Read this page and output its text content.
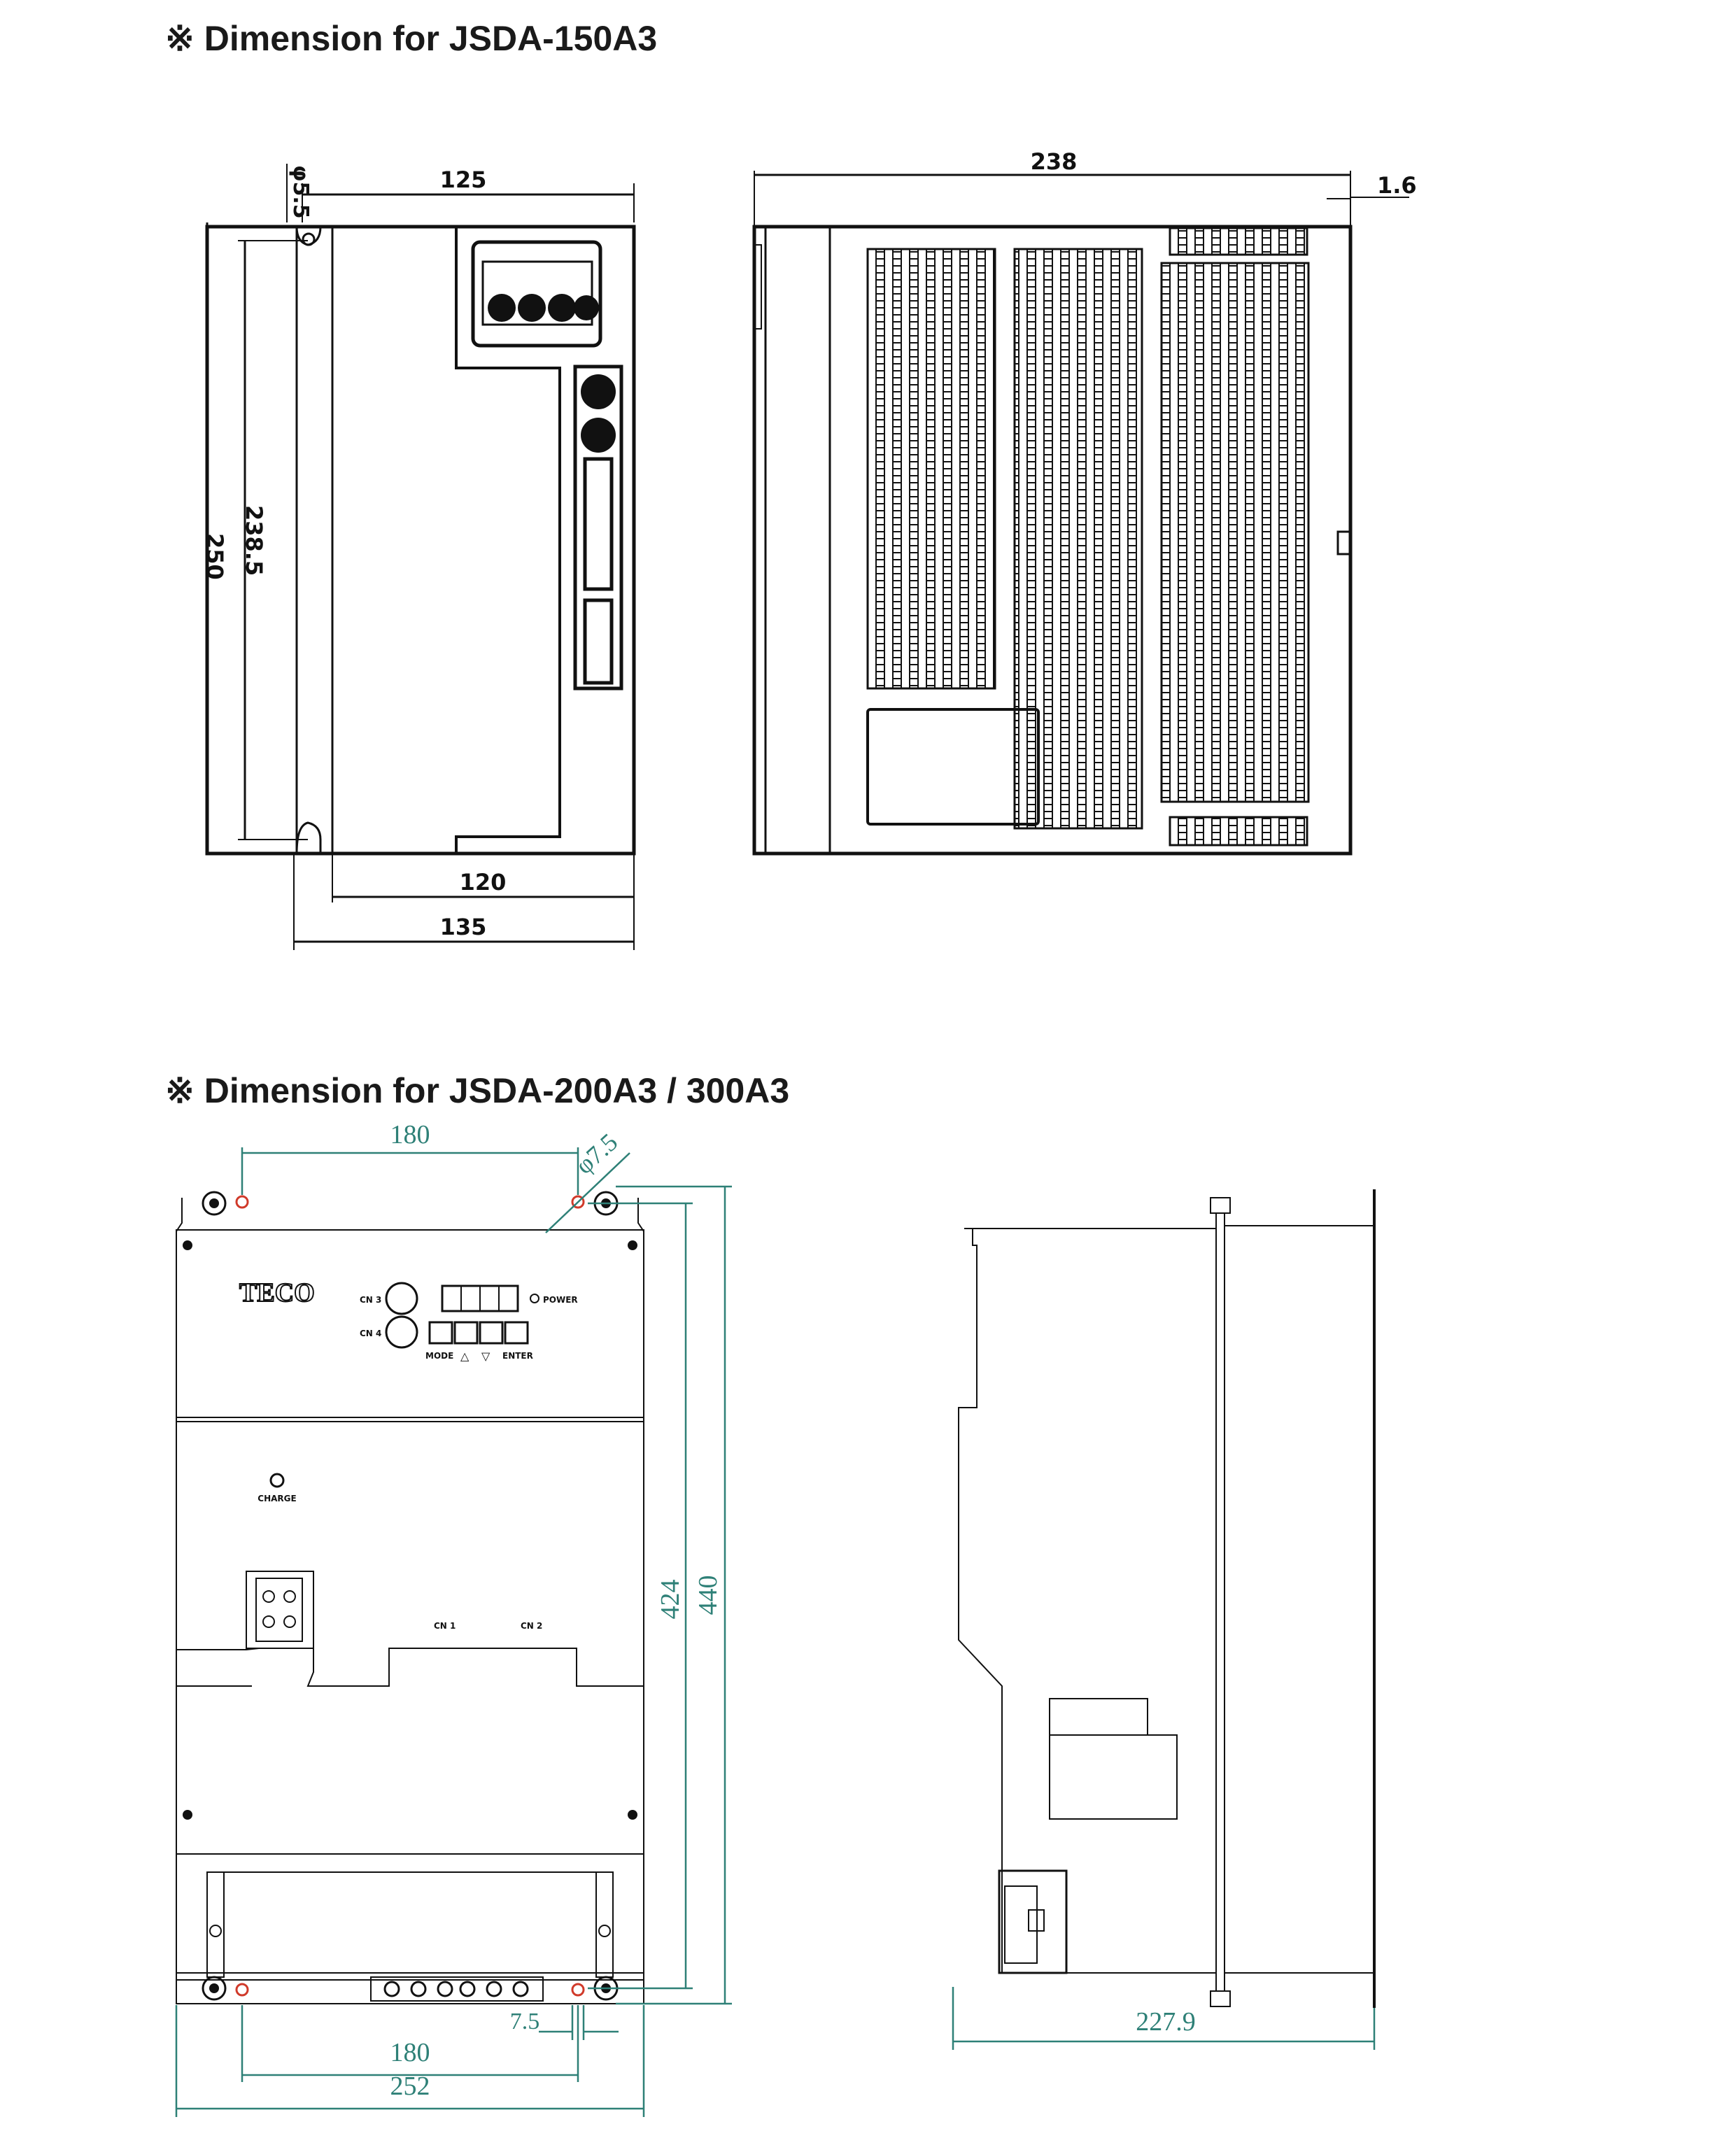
※ Dimension for JSDA-150A3
※ Dimension for JSDA-200A3 / 300A3
125
φ5.5
250 238.5
120
135
238
1.6
TECO	CN 3
CN 4
POWER
MODE △ ▽ ENTER
CHARGE
CN 1	CN 2
180	φ7.5
424 440
7.5
180
252
227.9
